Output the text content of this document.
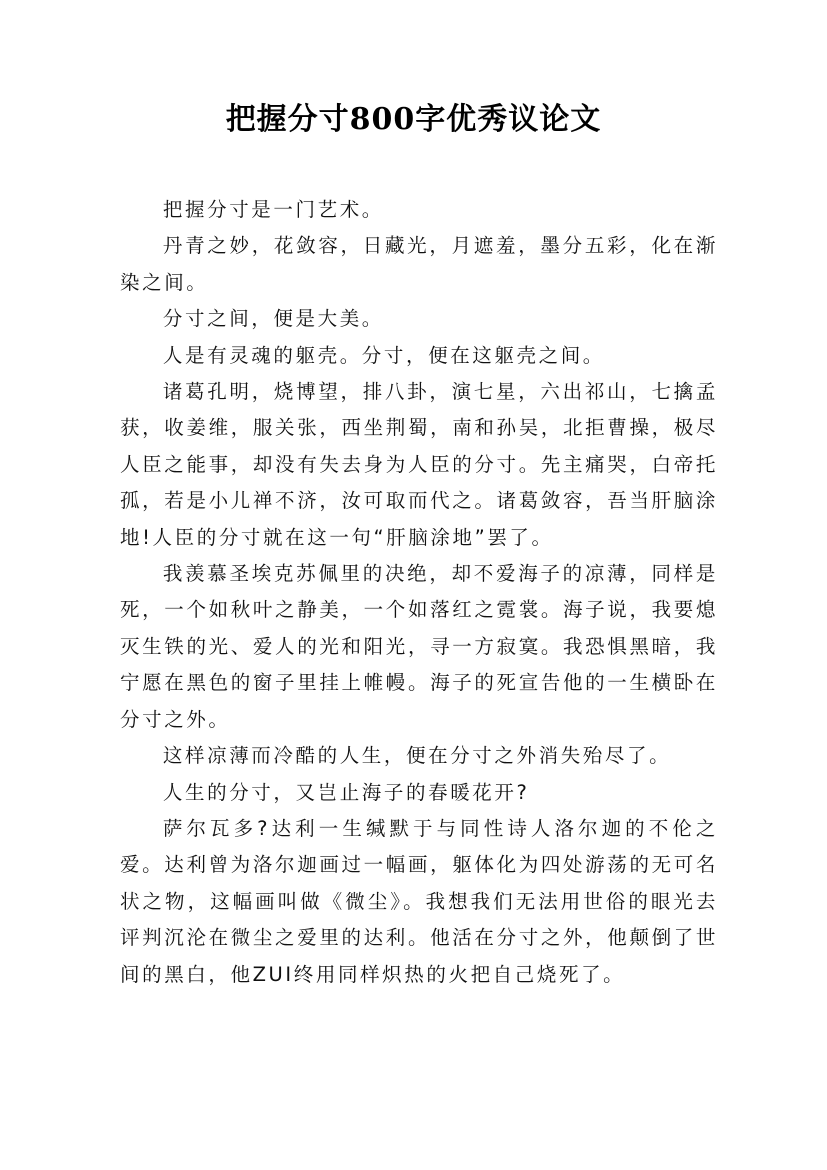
把握分寸800字优秀议论文

把握分寸是一门艺术。

丹青之妙，花敛容，日藏光，月遮羞，墨分五彩，化在渐染之间。

分寸之间，便是大美。

人是有灵魂的躯壳。分寸，便在这躯壳之间。

诸葛孔明，烧博望，排八卦，演七星，六出祁山，七擒孟获，收姜维，服关张，西坐荆蜀，南和孙吴，北拒曹操，极尽人臣之能事，却没有失去身为人臣的分寸。先主痛哭，白帝托孤，若是小儿禅不济，汝可取而代之。诸葛敛容，吾当肝脑涂地!人臣的分寸就在这一句“肝脑涂地”罢了。

我羡慕圣埃克苏佩里的决绝，却不爱海子的凉薄，同样是死，一个如秋叶之静美，一个如落红之霓裳。海子说，我要熄灭生铁的光、爱人的光和阳光，寻一方寂寞。我恐惧黑暗，我宁愿在黑色的窗子里挂上帷幔。海子的死宣告他的一生横卧在分寸之外。

这样凉薄而冷酷的人生，便在分寸之外消失殆尽了。

人生的分寸，又岂止海子的春暖花开?

萨尔瓦多?达利一生缄默于与同性诗人洛尔迦的不伦之爱。达利曾为洛尔迦画过一幅画，躯体化为四处游荡的无可名状之物，这幅画叫做《微尘》。我想我们无法用世俗的眼光去评判沉沦在微尘之爱里的达利。他活在分寸之外，他颠倒了世间的黑白，他ZUI终用同样炽热的火把自己烧死了。
